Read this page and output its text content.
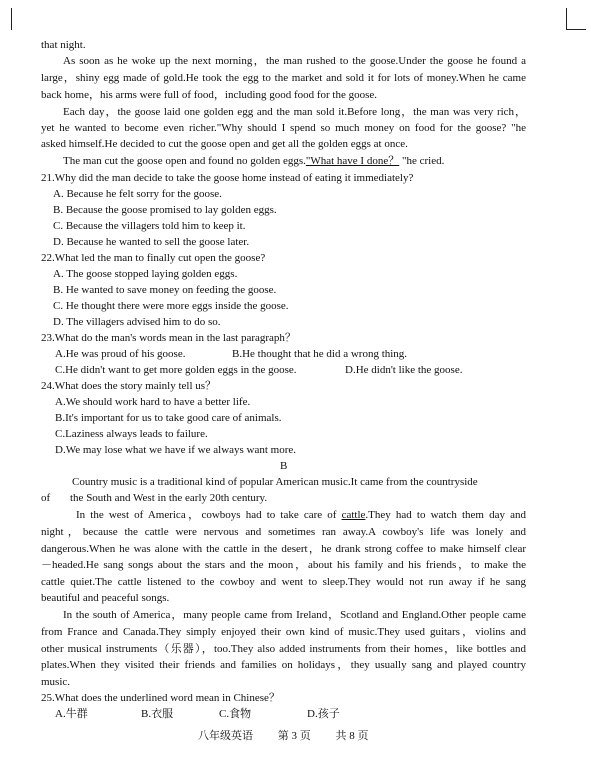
that night.
As soon as he woke up the next morning，the man rushed to the goose.Under the goose he found a
large，shiny egg made of gold.He took the egg to the market and sold it for lots of money.When he came
back home，his arms were full of food，including good food for the goose.
Each day，the goose laid one golden egg and the man sold it.Before long，the man was very rich，
yet he wanted to become even richer."Why should I spend so much money on food for the goose? "he
asked himself.He decided to cut the goose open and get all the golden eggs at once.
The man cut the goose open and found no golden eggs."What have I done？ "he cried.
21.Why did the man decide to take the goose home instead of eating it immediately?
A. Because he felt sorry for the goose.
B. Because the goose promised to lay golden eggs.
C. Because the villagers told him to keep it.
D. Because he wanted to sell the goose later.
22.What led the man to finally cut open the goose?
A. The goose stopped laying golden eggs.
B. He wanted to save money on feeding the goose.
C. He thought there were more eggs inside the goose.
D. The villagers advised him to do so.
23.What do the man's words mean in the last paragraph？
A.He was proud of his goose.	B.He thought that he did a wrong thing.
C.He didn't want to get more golden eggs in the goose.	D.He didn't like the goose.
24.What does the story mainly tell us？
A.We should work hard to have a better life.
B.It's important for us to take good care of animals.
C.Laziness always leads to failure.
D.We may lose what we have if we always want more.
B
Country music is a traditional kind of popular American music.It came from the countryside
of the South and West in the early 20th century.
In the west of America，cowboys had to take care of cattle.They had to watch them day and
night，because the cattle were nervous and sometimes ran away.A cowboy's life was lonely and
dangerous.When he was alone with the cattle in the desert，he drank strong coffee to make himself clear
－headed.He sang songs about the stars and the moon，about his family and his friends，to make the
cattle quiet.The cattle listened to the cowboy and went to sleep.They would not run away if he sang
beautiful and peaceful songs.
In the south of America，many people came from Ireland，Scotland and England.Other people came
from France and Canada.They simply enjoyed their own kind of music.They used guitars，violins and
other musical instruments（乐器），too.They also added instruments from their homes，like bottles and
plates.When they visited their friends and families on holidays，they usually sang and played country
music.
25.What does the underlined word mean in Chinese？
A.牛群	B.衣服	C.食物	D.孩子
八年级英语 第 3 页 共 8 页
